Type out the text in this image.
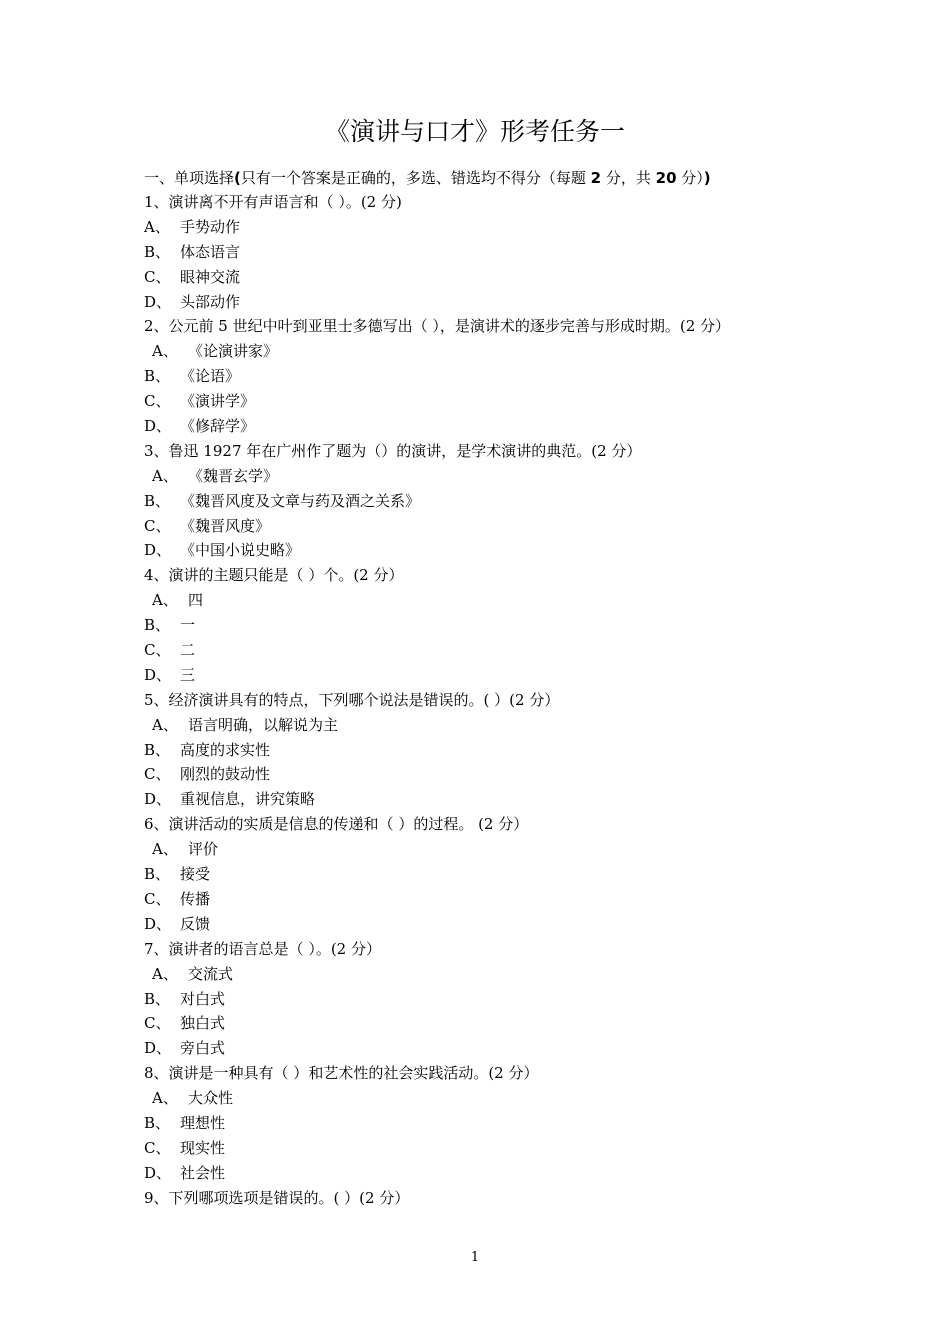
《演讲与口才》形考任务一
一、单项选择(只有一个答案是正确的，多选、错选均不得分（每题 2 分，共 20 分）)
1、演讲离不开有声语言和（ ）。(2 分)
A、 手势动作
B、 体态语言
C、 眼神交流
D、 头部动作
2、公元前 5 世纪中叶到亚里士多德写出（ ），是演讲术的逐步完善与形成时期。(2 分）
A、 《论演讲家》
B、 《论语》
C、 《演讲学》
D、 《修辞学》
3、鲁迅 1927 年在广州作了题为（）的演讲，是学术演讲的典范。(2 分）
A、 《魏晋玄学》
B、 《魏晋风度及文章与药及酒之关系》
C、 《魏晋风度》
D、 《中国小说史略》
4、演讲的主题只能是（ ）个。(2 分）
A、 四
B、 一
C、 二
D、 三
5、经济演讲具有的特点，下列哪个说法是错误的。( ）(2 分）
A、 语言明确，以解说为主
B、 高度的求实性
C、 刚烈的鼓动性
D、 重视信息，讲究策略
6、演讲活动的实质是信息的传递和（ ）的过程。 (2 分）
A、 评价
B、 接受
C、 传播
D、 反馈
7、演讲者的语言总是（ ）。(2 分）
A、 交流式
B、 对白式
C、 独白式
D、 旁白式
8、演讲是一种具有（ ）和艺术性的社会实践活动。(2 分）
A、 大众性
B、 理想性
C、 现实性
D、 社会性
9、下列哪项选项是错误的。( ）(2 分）
1
